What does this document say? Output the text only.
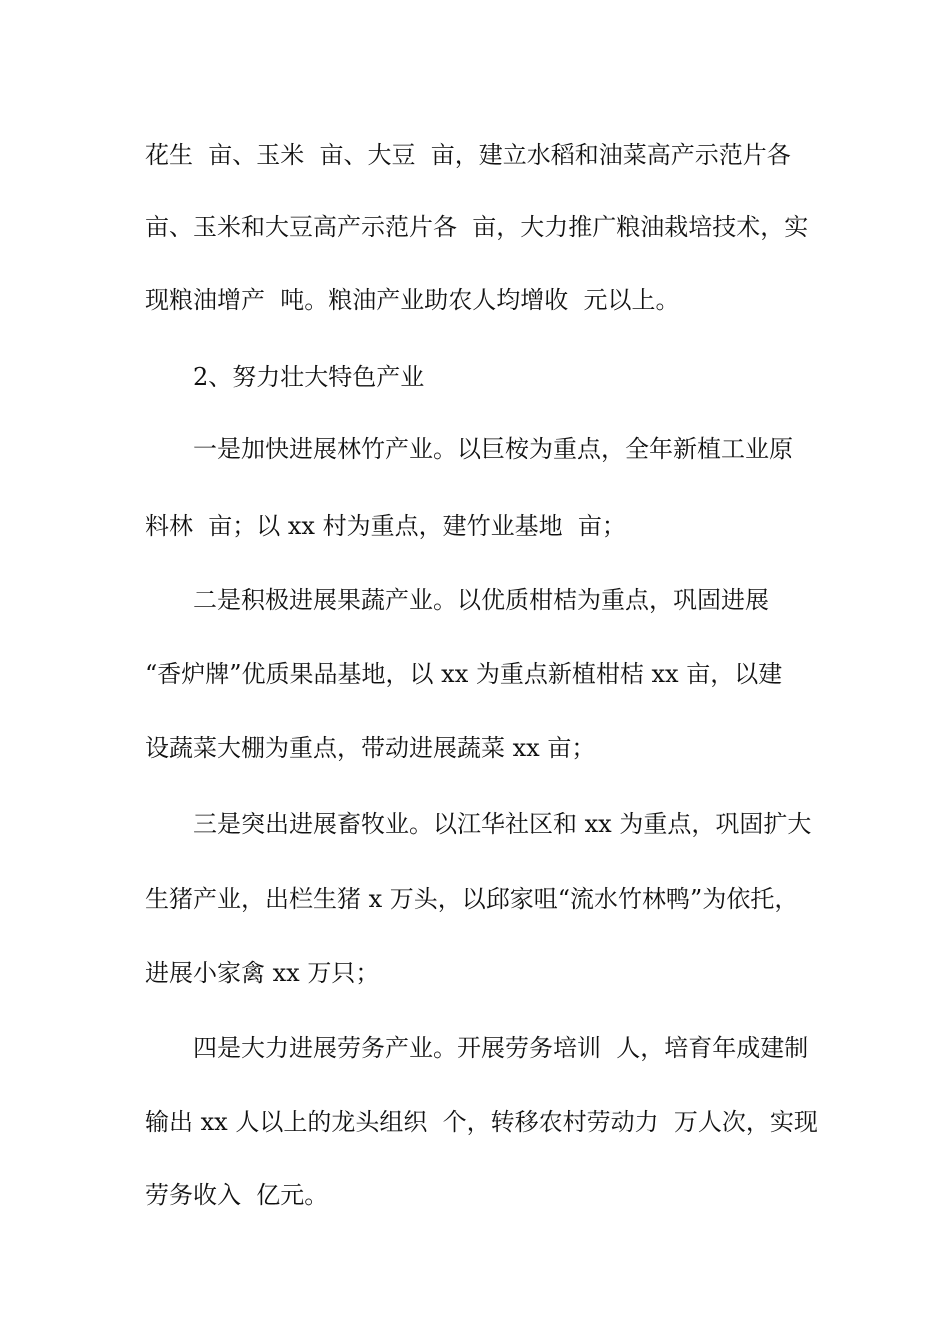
花生  亩、玉米  亩、大豆  亩，建立水稻和油菜高产示范片各
亩、玉米和大豆高产示范片各  亩，大力推广粮油栽培技术，实
现粮油增产  吨。粮油产业助农人均增收  元以上。
2、努力壮大特色产业
一是加快进展林竹产业。以巨桉为重点，全年新植工业原
料林  亩；以 xx 村为重点，建竹业基地  亩；
二是积极进展果蔬产业。以优质柑桔为重点，巩固进展
“香炉牌”优质果品基地，以 xx 为重点新植柑桔 xx 亩，以建
设蔬菜大棚为重点，带动进展蔬菜 xx 亩；
三是突出进展畜牧业。以江华社区和 xx 为重点，巩固扩大
生猪产业，出栏生猪 x 万头，以邱家咀“流水竹林鸭”为依托，
进展小家禽 xx 万只；
四是大力进展劳务产业。开展劳务培训  人，培育年成建制
输出 xx 人以上的龙头组织  个，转移农村劳动力  万人次，实现
劳务收入  亿元。
